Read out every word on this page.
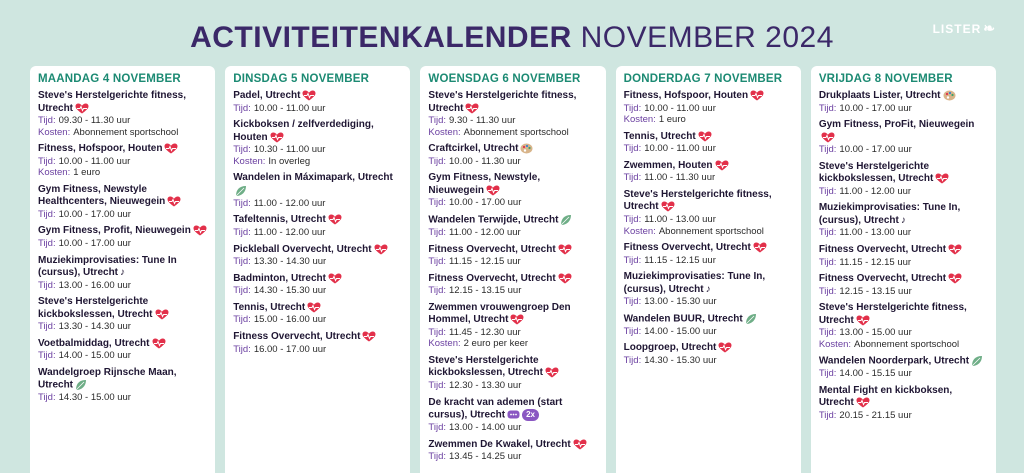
ACTIVITEITENKALENDER NOVEMBER 2024	LISTER ❧
MAANDAG 4 NOVEMBER
Steve's Herstelgerichte fitness, Utrecht
Tijd: 09.30 - 11.30 uur
Kosten: Abonnement sportschool
Fitness, Hofspoor, Houten
Tijd: 10.00 - 11.00 uur
Kosten: 1 euro
Gym Fitness, Newstyle Healthcenters, Nieuwegein
Tijd: 10.00 - 17.00 uur
Gym Fitness, Profit, Nieuwegein
Tijd: 10.00 - 17.00 uur
Muziekimprovisaties: Tune In (cursus), Utrecht ♪
Tijd: 13.00 - 16.00 uur
Steve's Herstelgerichte kickbokslessen, Utrecht
Tijd: 13.30 - 14.30 uur
Voetbalmiddag, Utrecht
Tijd: 14.00 - 15.00 uur
Wandelgroep Rijnsche Maan, Utrecht
Tijd: 14.30 - 15.00 uur
DINSDAG 5 NOVEMBER
Padel, Utrecht
Tijd: 10.00 - 11.00 uur
Kickboksen / zelfverdediging, Houten
Tijd: 10.30 - 11.00 uur
Kosten: In overleg
Wandelen in Máximapark, Utrecht
Tijd: 11.00 - 12.00 uur
Tafeltennis, Utrecht
Tijd: 11.00 - 12.00 uur
Pickleball Overvecht, Utrecht
Tijd: 13.30 - 14.30 uur
Badminton, Utrecht
Tijd: 14.30 - 15.30 uur
Tennis, Utrecht
Tijd: 15.00 - 16.00 uur
Fitness Overvecht, Utrecht
Tijd: 16.00 - 17.00 uur
WOENSDAG 6 NOVEMBER
Steve's Herstelgerichte fitness, Utrecht
Tijd: 9.30 - 11.30 uur
Kosten: Abonnement sportschool
Craftcirkel, Utrecht
Tijd: 10.00 - 11.30 uur
Gym Fitness, Newstyle, Nieuwegein
Tijd: 10.00 - 17.00 uur
Wandelen Terwijde, Utrecht
Tijd: 11.00 - 12.00 uur
Fitness Overvecht, Utrecht
Tijd: 11.15 - 12.15 uur
Fitness Overvecht, Utrecht
Tijd: 12.15 - 13.15 uur
Zwemmen vrouwengroep Den Hommel, Utrecht
Tijd: 11.45 - 12.30 uur
Kosten: 2 euro per keer
Steve's Herstelgerichte kickbokslessen, Utrecht
Tijd: 12.30 - 13.30 uur
De kracht van ademen (start cursus), Utrecht	2x
Tijd: 13.00 - 14.00 uur
Zwemmen De Kwakel, Utrecht
Tijd: 13.45 - 14.25 uur
DONDERDAG 7 NOVEMBER
Fitness, Hofspoor, Houten
Tijd: 10.00 - 11.00 uur
Kosten: 1 euro
Tennis, Utrecht
Tijd: 10.00 - 11.00 uur
Zwemmen, Houten
Tijd: 11.00 - 11.30 uur
Steve's Herstelgerichte fitness, Utrecht
Tijd: 11.00 - 13.00 uur
Kosten: Abonnement sportschool
Fitness Overvecht, Utrecht
Tijd: 11.15 - 12.15 uur
Muziekimprovisaties: Tune In, (cursus), Utrecht ♪
Tijd: 13.00 - 15.30 uur
Wandelen BUUR, Utrecht
Tijd: 14.00 - 15.00 uur
Loopgroep, Utrecht
Tijd: 14.30 - 15.30 uur
VRIJDAG 8 NOVEMBER
Drukplaats Lister, Utrecht
Tijd: 10.00 - 17.00 uur
Gym Fitness, ProFit, Nieuwegein
Tijd: 10.00 - 17.00 uur
Steve's Herstelgerichte kickbokslessen, Utrecht
Tijd: 11.00 - 12.00 uur
Muziekimprovisaties: Tune In, (cursus), Utrecht ♪
Tijd: 11.00 - 13.00 uur
Fitness Overvecht, Utrecht
Tijd: 11.15 - 12.15 uur
Fitness Overvecht, Utrecht
Tijd: 12.15 - 13.15 uur
Steve's Herstelgerichte fitness, Utrecht
Tijd: 13.00 - 15.00 uur
Kosten: Abonnement sportschool
Wandelen Noorderpark, Utrecht
Tijd: 14.00 - 15.15 uur
Mental Fight en kickboksen, Utrecht
Tijd: 20.15 - 21.15 uur
